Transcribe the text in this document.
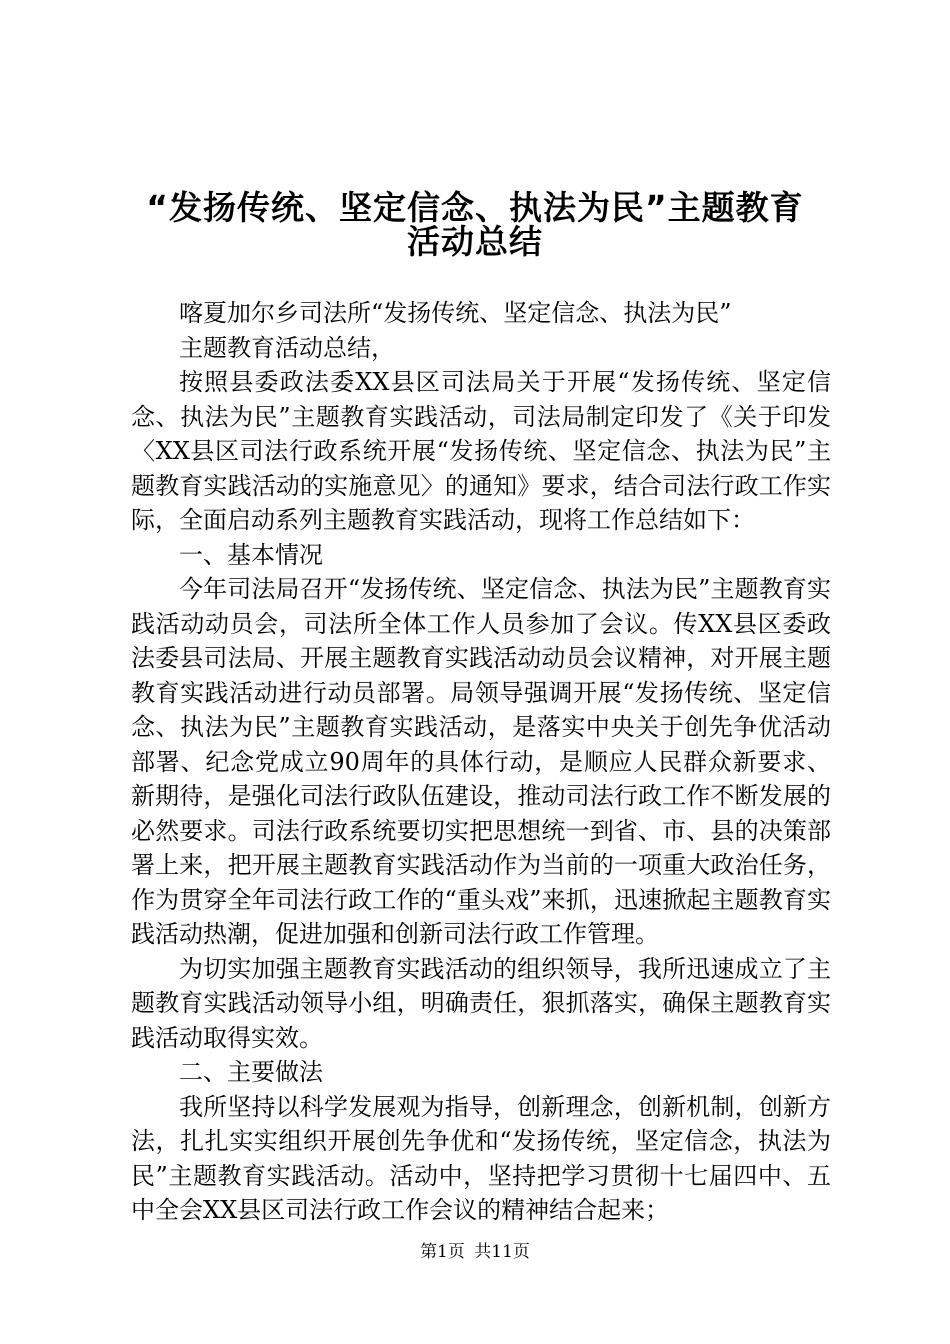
“发扬传统、坚定信念、执法为民”主题教育
活动总结

喀夏加尔乡司法所“发扬传统、坚定信念、执法为民”

主题教育活动总结，

按照县委政法委XX县区司法局关于开展“发扬传统、坚定信念、执法为民”主题教育实践活动，司法局制定印发了《关于印发〈XX县区司法行政系统开展“发扬传统、坚定信念、执法为民”主题教育实践活动的实施意见〉的通知》要求，结合司法行政工作实际，全面启动系列主题教育实践活动，现将工作总结如下：

一、基本情况

今年司法局召开“发扬传统、坚定信念、执法为民”主题教育实践活动动员会，司法所全体工作人员参加了会议。传XX县区委政法委县司法局、开展主题教育实践活动动员会议精神，对开展主题教育实践活动进行动员部署。局领导强调开展“发扬传统、坚定信念、执法为民”主题教育实践活动，是落实中央关于创先争优活动部署、纪念党成立90周年的具体行动，是顺应人民群众新要求、新期待，是强化司法行政队伍建设，推动司法行政工作不断发展的必然要求。司法行政系统要切实把思想统一到省、市、县的决策部署上来，把开展主题教育实践活动作为当前的一项重大政治任务，作为贯穿全年司法行政工作的“重头戏”来抓，迅速掀起主题教育实践活动热潮，促进加强和创新司法行政工作管理。

为切实加强主题教育实践活动的组织领导，我所迅速成立了主题教育实践活动领导小组，明确责任，狠抓落实，确保主题教育实践活动取得实效。

二、主要做法

我所坚持以科学发展观为指导，创新理念，创新机制，创新方法，扎扎实实组织开展创先争优和“发扬传统，坚定信念，执法为民”主题教育实践活动。活动中，坚持把学习贯彻十七届四中、五中全会XX县区司法行政工作会议的精神结合起来；

第1页 共11页
